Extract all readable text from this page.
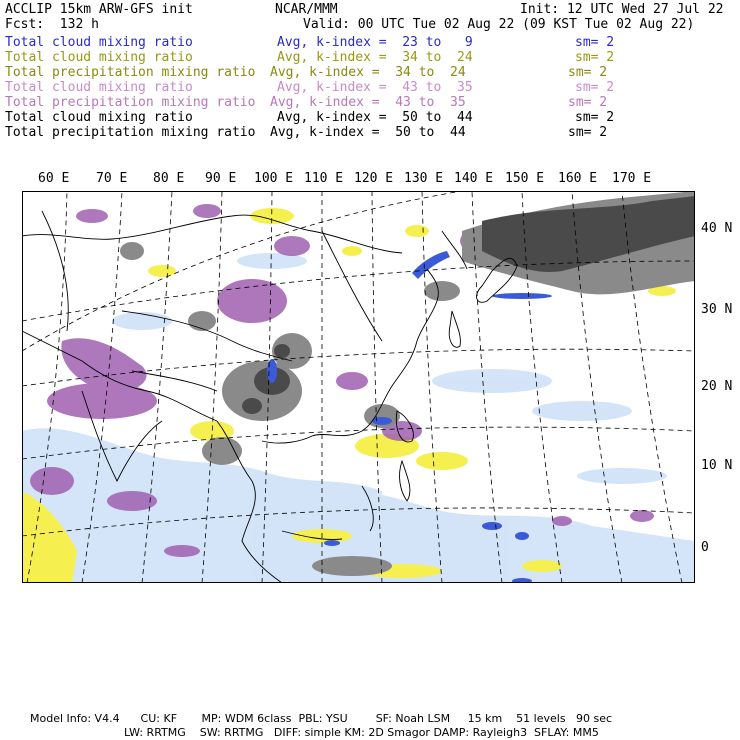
ACCLIP 15km ARW-GFS init	NCAR/MMM	Init: 12 UTC Wed 27 Jul 22
Fcst:  132 h	Valid: 00 UTC Tue 02 Aug 22 (09 KST Tue 02 Aug 22)
Total cloud mixing ratio	Avg, k-index =  23 to   9	sm= 2
Total cloud mixing ratio	Avg, k-index =  34 to  24	sm= 2
Total precipitation mixing ratio Avg, k-index =  34 to  24	sm= 2
Total cloud mixing ratio	Avg, k-index =  43 to  35	sm= 2
Total precipitation mixing ratio Avg, k-index =  43 to  35	sm= 2
Total cloud mixing ratio	Avg, k-index =  50 to  44	sm= 2
Total precipitation mixing ratio Avg, k-index =  50 to  44	sm= 2
60 E 70 E 80 E 90 E 100 E 110 E 120 E 130 E 140 E 150 E 160 E 170 E
40 N
30 N
20 N
10 N
0
Model Info: V4.4      CU: KF       MP: WDM 6class  PBL: YSU        SF: Noah LSM     15 km    51 levels   90 sec
LW: RRTMG    SW: RRTMG   DIFF: simple KM: 2D Smagor DAMP: Rayleigh3  SFLAY: MM5
